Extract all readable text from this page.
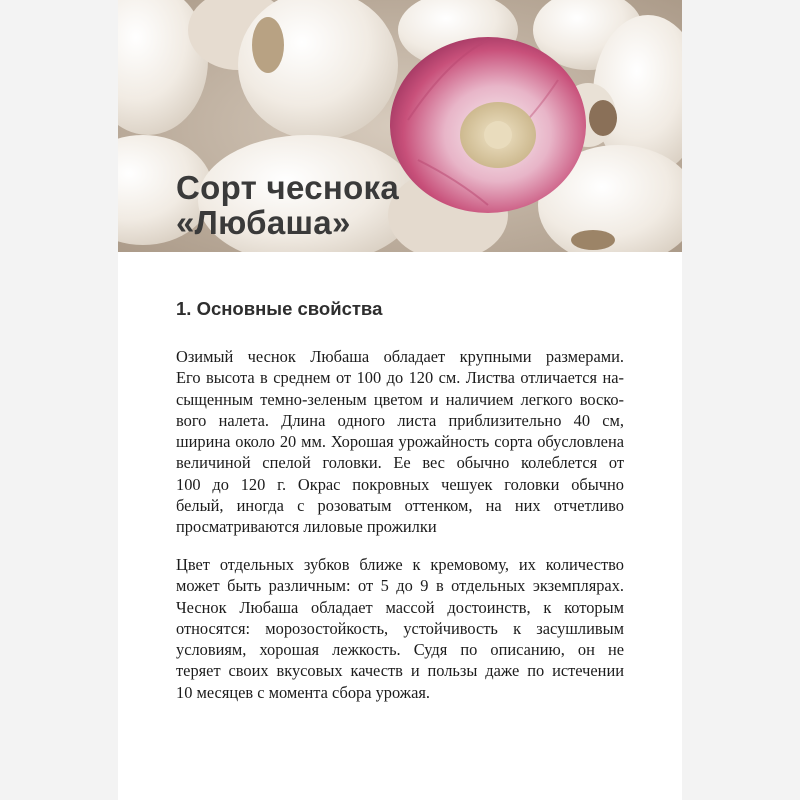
Сорт чеснока
«Любаша»
1. Основные свойства

Озимый чеснок Любаша обладает крупными размерами.
Его высота в среднем от 100 до 120 см. Листва отличается на-
сыщенным темно-зеленым цветом и наличием легкого воско-
вого налета. Длина одного листа приблизительно 40 см,
ширина около 20 мм. Хорошая урожайность сорта обусловлена
величиной спелой головки. Ее вес обычно колеблется от
100 до 120 г. Окрас покровных чешуек головки обычно
белый, иногда с розоватым оттенком, на них отчетливо
просматриваются лиловые прожилки

Цвет отдельных зубков ближе к кремовому, их количество
может быть различным: от 5 до 9 в отдельных экземплярах.
Чеснок Любаша обладает массой достоинств, к которым
относятся: морозостойкость, устойчивость к засушливым
условиям, хорошая лежкость. Судя по описанию, он не
теряет своих вкусовых качеств и пользы даже по истечении
10 месяцев с момента сбора урожая.
